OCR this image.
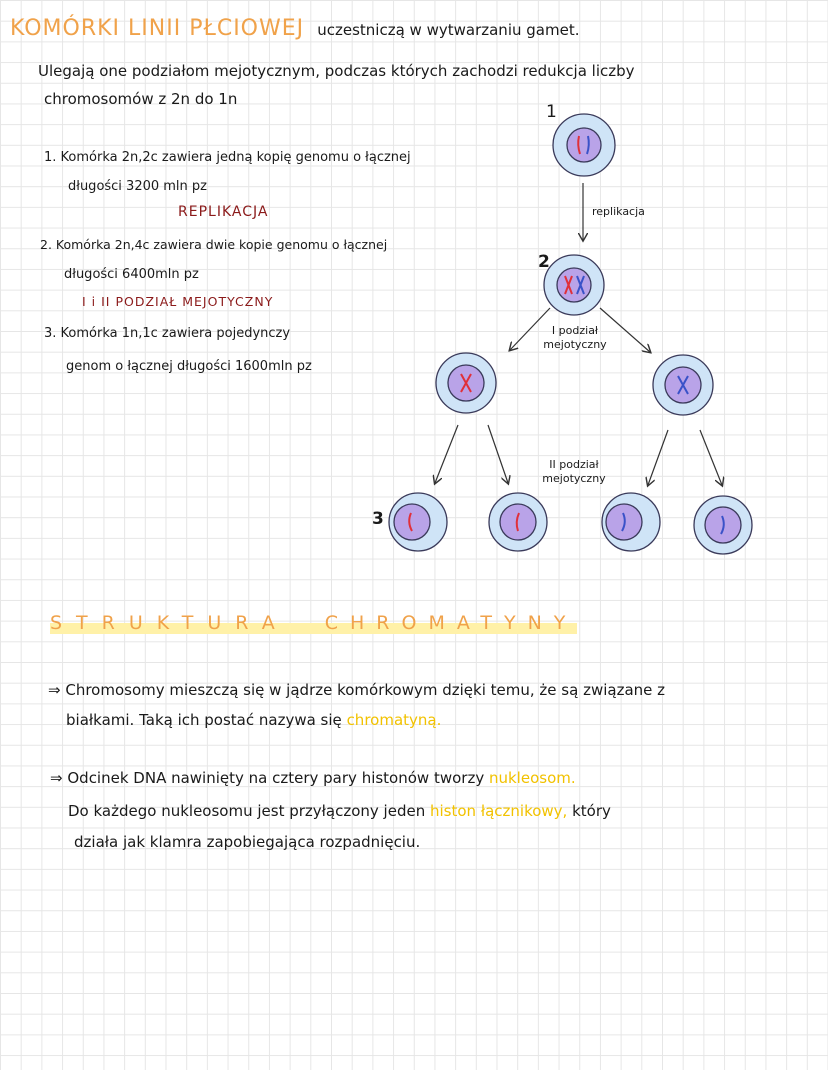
KOMÓRKI LINII PŁCIOWEJ uczestniczą w wytwarzaniu gamet.
Ulegają one podziałom mejotycznym, podczas których zachodzi redukcja liczby
chromosomów z 2n do 1n
1. Komórka 2n,2c zawiera jedną kopię genomu o łącznej
długości 3200 mln pz
REPLIKACJA
2. Komórka 2n,4c zawiera dwie kopie genomu o łącznej
długości 6400mln pz
I i II PODZIAŁ MEJOTYCZNY
3. Komórka 1n,1c zawiera pojedynczy
genom o łącznej długości 1600mln pz
1
2
3
replikacja
I podział
mejotyczny
II podział
mejotyczny
STRUKTURA CHROMATYNY
⇒ Chromosomy mieszczą się w jądrze komórkowym dzięki temu, że są związane z
białkami. Taką ich postać nazywa się chromatyną.
⇒ Odcinek DNA nawinięty na cztery pary histonów tworzy nukleosom.
Do każdego nukleosomu jest przyłączony jeden histon łącznikowy, który
działa jak klamra zapobiegająca rozpadnięciu.
